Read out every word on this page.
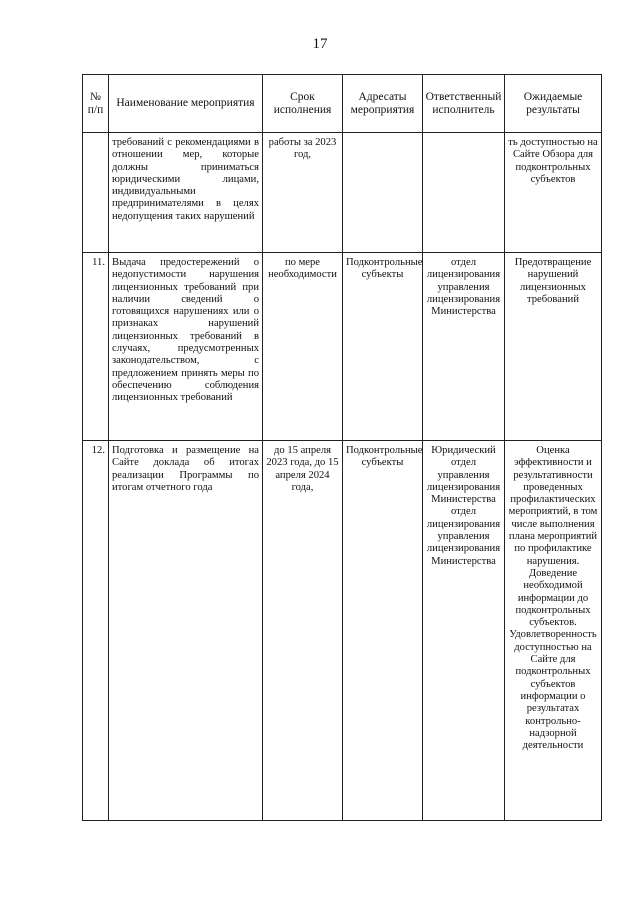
17
№ п/п	Наименование мероприятия	Срок исполнения	Адресаты мероприятия	Ответственный исполнитель	Ожидаемые результаты
	требований с рекомендациями в отношении мер, которые должны приниматься юридическими лицами, индивидуальными предпринимателями в целях недопущения таких нарушений	работы за 2023 год,			ть доступностью на Сайте Обзора для подконтрольных субъектов
11.	Выдача предостережений о недопустимости нарушения лицензионных требований при наличии сведений о готовящихся нарушениях или о признаках нарушений лицензионных требований в случаях, предусмотренных законодательством, с предложением принять меры по обеспечению соблюдения лицензионных требований	по мере необходимости	Подконтрольные субъекты	отдел лицензирования управления лицензирования Министерства	Предотвращение нарушений лицензионных требований
12.	Подготовка и размещение на Сайте доклада об итогах реализации Программы по итогам отчетного года	до 15 апреля 2023 года, до 15 апреля 2024 года,	Подконтрольные субъекты	Юридический отдел управления лицензирования Министерства отдел лицензирования управления лицензирования Министерства	Оценка эффективности и результативности проведенных профилактических мероприятий, в том числе выполнения плана мероприятий по профилактике нарушения. Доведение необходимой информации до подконтрольных субъектов. Удовлетворенность доступностью на Сайте для подконтрольных субъектов информации о результатах контрольно-надзорной деятельности
